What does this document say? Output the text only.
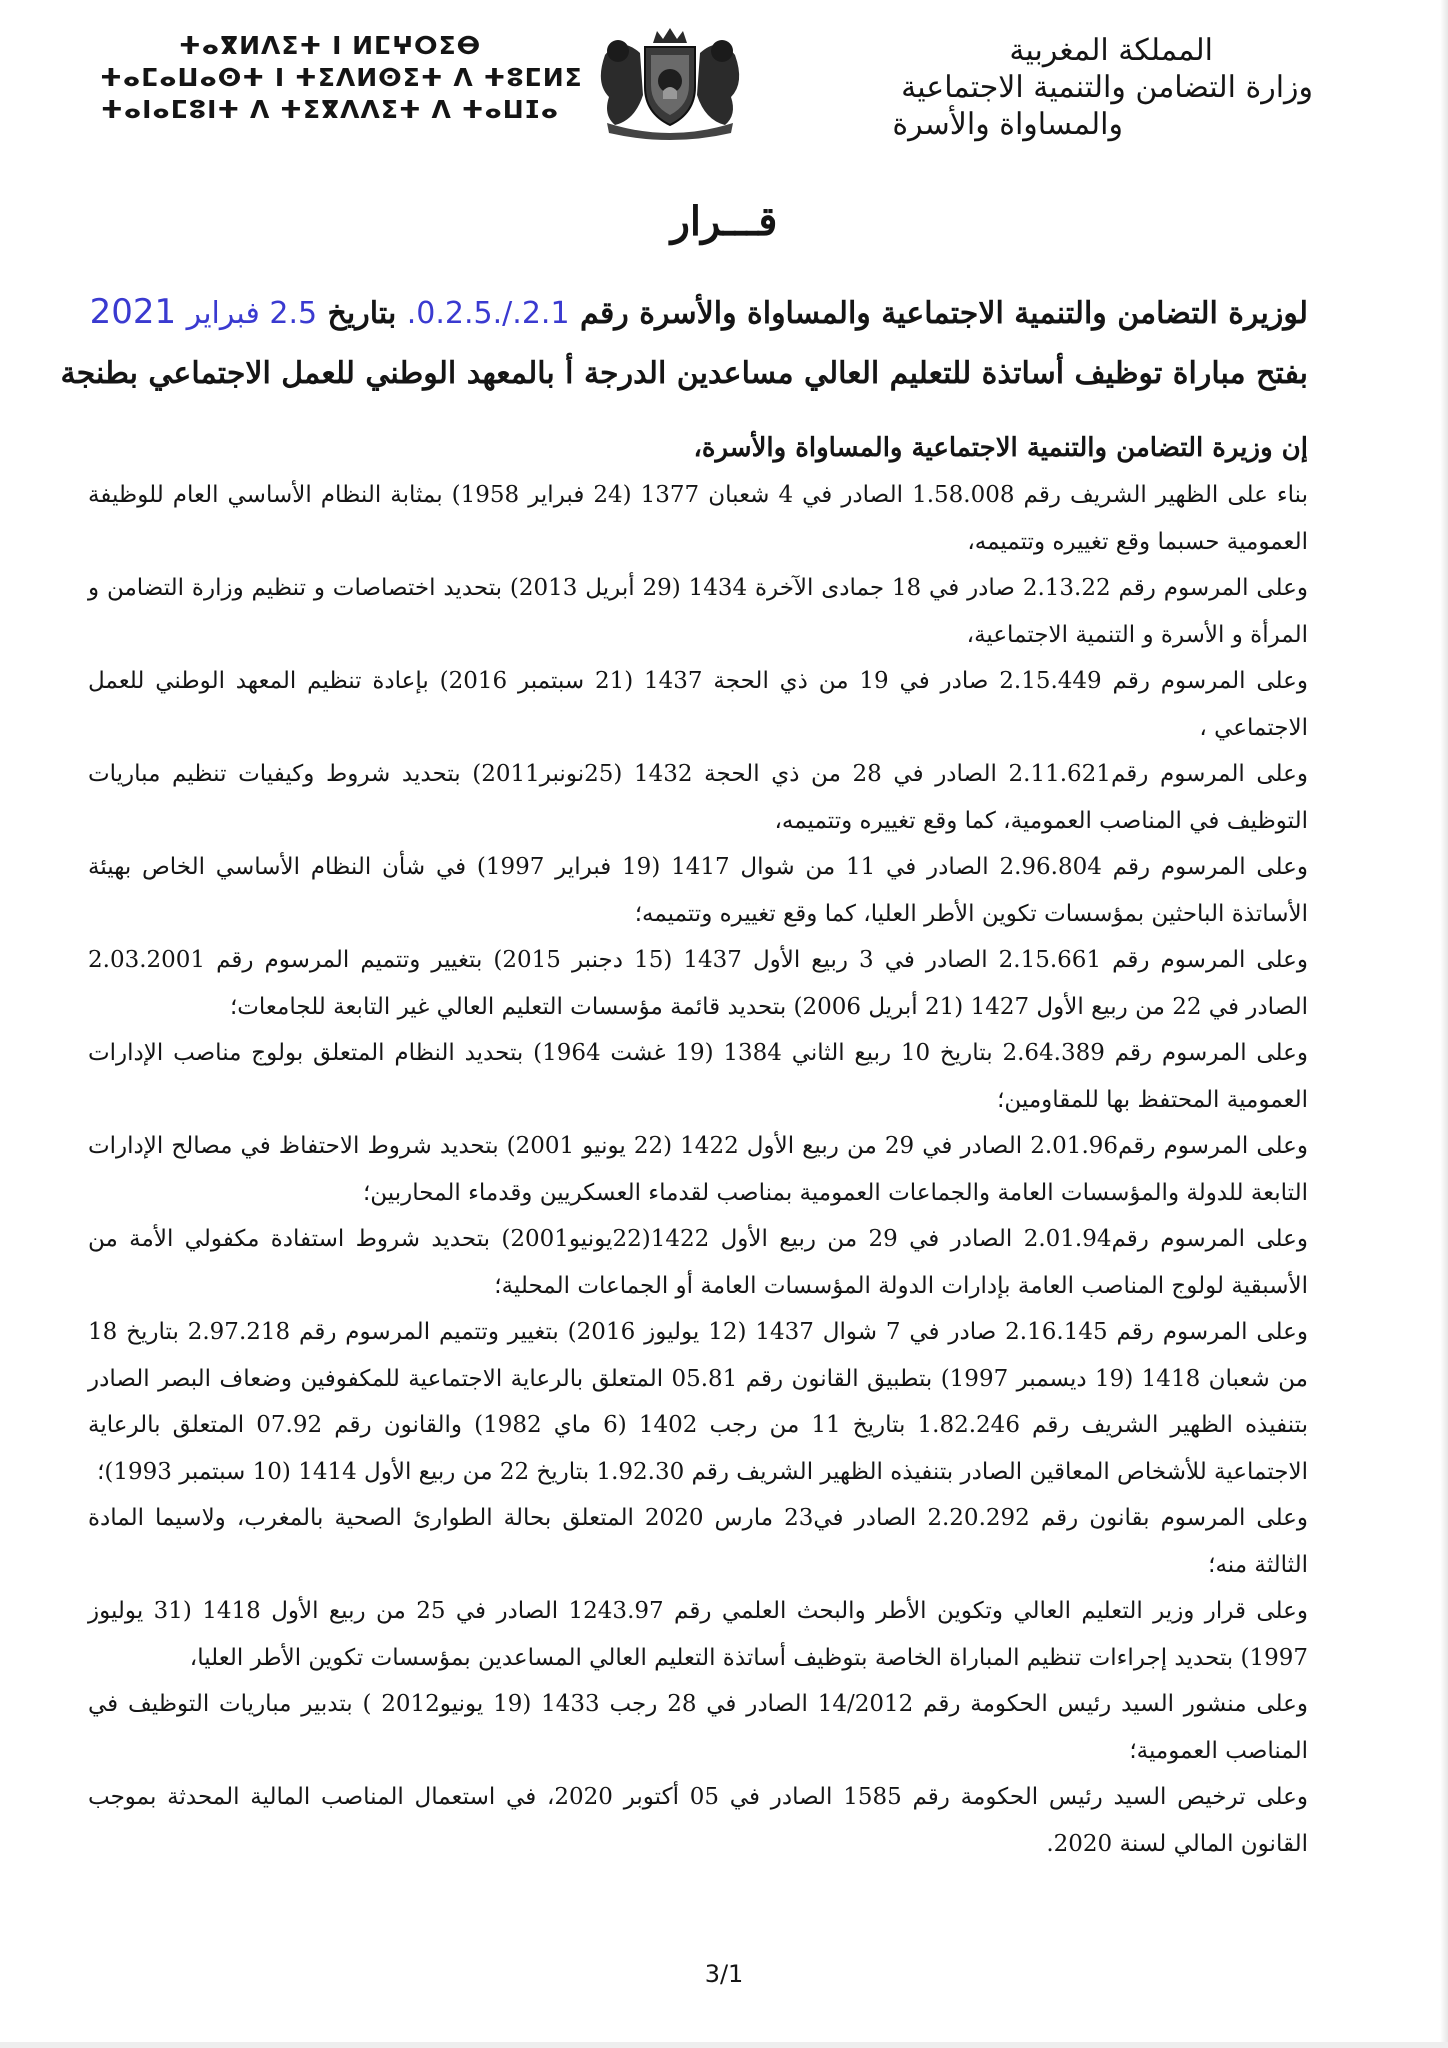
ⵜⴰⴳⵍⴷⵉⵜ ⵏ ⵍⵎⵖⵔⵉⴱ
ⵜⴰⵎⴰⵡⴰⵙⵜ ⵏ ⵜⵉⴷⵍⵙⵉⵜ ⴷ ⵜⵓⵎⵍⵉ
ⵜⴰⵏⴰⵎⵓⵏⵜ ⴷ ⵜⵉⴳⴷⴷⵉⵜ ⴷ ⵜⴰⵡⵊⴰ
المملكة المغربية
وزارة التضامن والتنمية الاجتماعية
والمساواة والأسرة
قـــرار
لوزيرة التضامن والتنمية الاجتماعية والمساواة والأسرة رقم 2.1./.0.2.5. بتاريخ 2.5 فبراير 2021
بفتح مباراة توظيف أساتذة للتعليم العالي مساعدين الدرجة أ بالمعهد الوطني للعمل الاجتماعي بطنجة
إن وزيرة التضامن والتنمية الاجتماعية والمساواة والأسرة،

بناء على الظهير الشريف رقم 1.58.008 الصادر في 4 شعبان 1377 (24 فبراير 1958) بمثابة النظام الأساسي العام للوظيفة العمومية حسبما وقع تغييره وتتميمه،

وعلى المرسوم رقم 2.13.22 صادر في 18 جمادى الآخرة 1434 (29 أبريل 2013) بتحديد اختصاصات و تنظيم وزارة التضامن و المرأة و الأسرة و التنمية الاجتماعية،

وعلى المرسوم رقم 2.15.449 صادر في 19 من ذي الحجة 1437 (21 سبتمبر 2016) بإعادة تنظيم المعهد الوطني للعمل الاجتماعي ،

وعلى المرسوم رقم2.11.621 الصادر في 28 من ذي الحجة 1432 (25نونبر2011) بتحديد شروط وكيفيات تنظيم مباريات التوظيف في المناصب العمومية، كما وقع تغييره وتتميمه،

وعلى المرسوم رقم 2.96.804 الصادر في 11 من شوال 1417 (19 فبراير 1997) في شأن النظام الأساسي الخاص بهيئة الأساتذة الباحثين بمؤسسات تكوين الأطر العليا، كما وقع تغييره وتتميمه؛

وعلى المرسوم رقم 2.15.661 الصادر في 3 ربيع الأول 1437 (15 دجنبر 2015) بتغيير وتتميم المرسوم رقم 2.03.2001 الصادر في 22 من ربيع الأول 1427 (21 أبريل 2006) بتحديد قائمة مؤسسات التعليم العالي غير التابعة للجامعات؛

وعلى المرسوم رقم 2.64.389 بتاريخ 10 ربيع الثاني 1384 (19 غشت 1964) بتحديد النظام المتعلق بولوج مناصب الإدارات العمومية المحتفظ بها للمقاومين؛

وعلى المرسوم رقم2.01.96 الصادر في 29 من ربيع الأول 1422 (22 يونيو 2001) بتحديد شروط الاحتفاظ في مصالح الإدارات التابعة للدولة والمؤسسات العامة والجماعات العمومية بمناصب لقدماء العسكريين وقدماء المحاربين؛

وعلى المرسوم رقم2.01.94 الصادر في 29 من ربيع الأول 1422(22يونيو2001) بتحديد شروط استفادة مكفولي الأمة من الأسبقية لولوج المناصب العامة بإدارات الدولة المؤسسات العامة أو الجماعات المحلية؛

وعلى المرسوم رقم 2.16.145 صادر في 7 شوال 1437 (12 يوليوز 2016) بتغيير وتتميم المرسوم رقم 2.97.218 بتاريخ 18 من شعبان 1418 (19 ديسمبر 1997) بتطبيق القانون رقم 05.81 المتعلق بالرعاية الاجتماعية للمكفوفين وضعاف البصر الصادر بتنفيذه الظهير الشريف رقم 1.82.246 بتاريخ 11 من رجب 1402 (6 ماي 1982) والقانون رقم 07.92 المتعلق بالرعاية الاجتماعية للأشخاص المعاقين الصادر بتنفيذه الظهير الشريف رقم 1.92.30 بتاريخ 22 من ربيع الأول 1414 (10 سبتمبر 1993)؛

وعلى المرسوم بقانون رقم 2.20.292 الصادر في23 مارس 2020 المتعلق بحالة الطوارئ الصحية بالمغرب، ولاسيما المادة الثالثة منه؛

وعلى قرار وزير التعليم العالي وتكوين الأطر والبحث العلمي رقم 1243.97 الصادر في 25 من ربيع الأول 1418 (31 يوليوز 1997) بتحديد إجراءات تنظيم المباراة الخاصة بتوظيف أساتذة التعليم العالي المساعدين بمؤسسات تكوين الأطر العليا،

وعلى منشور السيد رئيس الحكومة رقم 14/2012 الصادر في 28 رجب 1433 (19 يونيو2012 ) بتدبير مباريات التوظيف في المناصب العمومية؛

وعلى ترخيص السيد رئيس الحكومة رقم 1585 الصادر في 05 أكتوبر 2020، في استعمال المناصب المالية المحدثة بموجب القانون المالي لسنة 2020.

3/1
